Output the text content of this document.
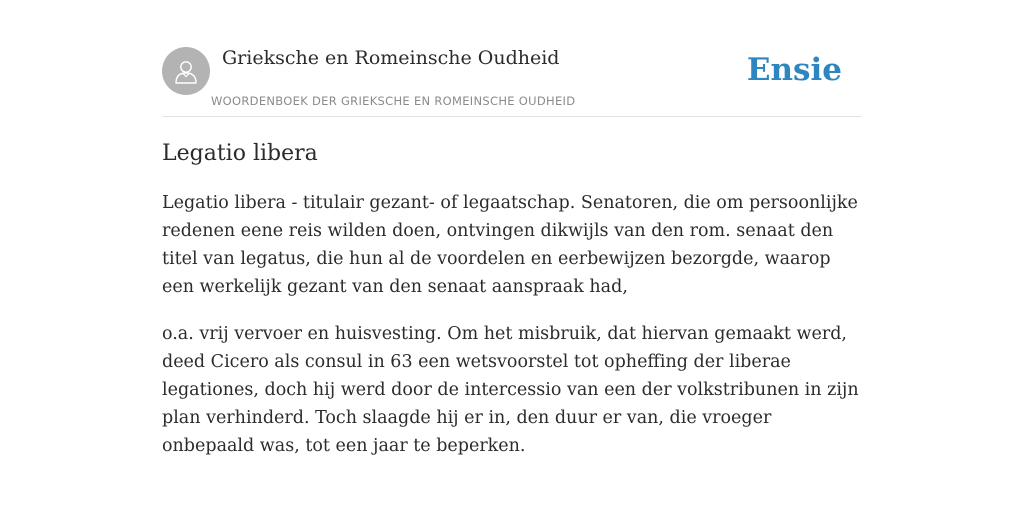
Grieksche en Romeinsche Oudheid
WOORDENBOEK DER GRIEKSCHE EN ROMEINSCHE OUDHEID
Ensie
Legatio libera

Legatio libera - titulair gezant- of legaatschap. Senatoren, die om persoonlijke redenen eene reis wilden doen, ontvingen dikwijls van den rom. senaat den titel van legatus, die hun al de voordelen en eerbewijzen bezorgde, waarop een werkelijk gezant van den senaat aanspraak had,

o.a. vrij vervoer en huisvesting. Om het misbruik, dat hiervan gemaakt werd, deed Cicero als consul in 63 een wetsvoorstel tot opheffing der liberae legationes, doch hij werd door de intercessio van een der volkstribunen in zijn plan verhinderd. Toch slaagde hij er in, den duur er van, die vroeger onbepaald was, tot een jaar te beperken.
